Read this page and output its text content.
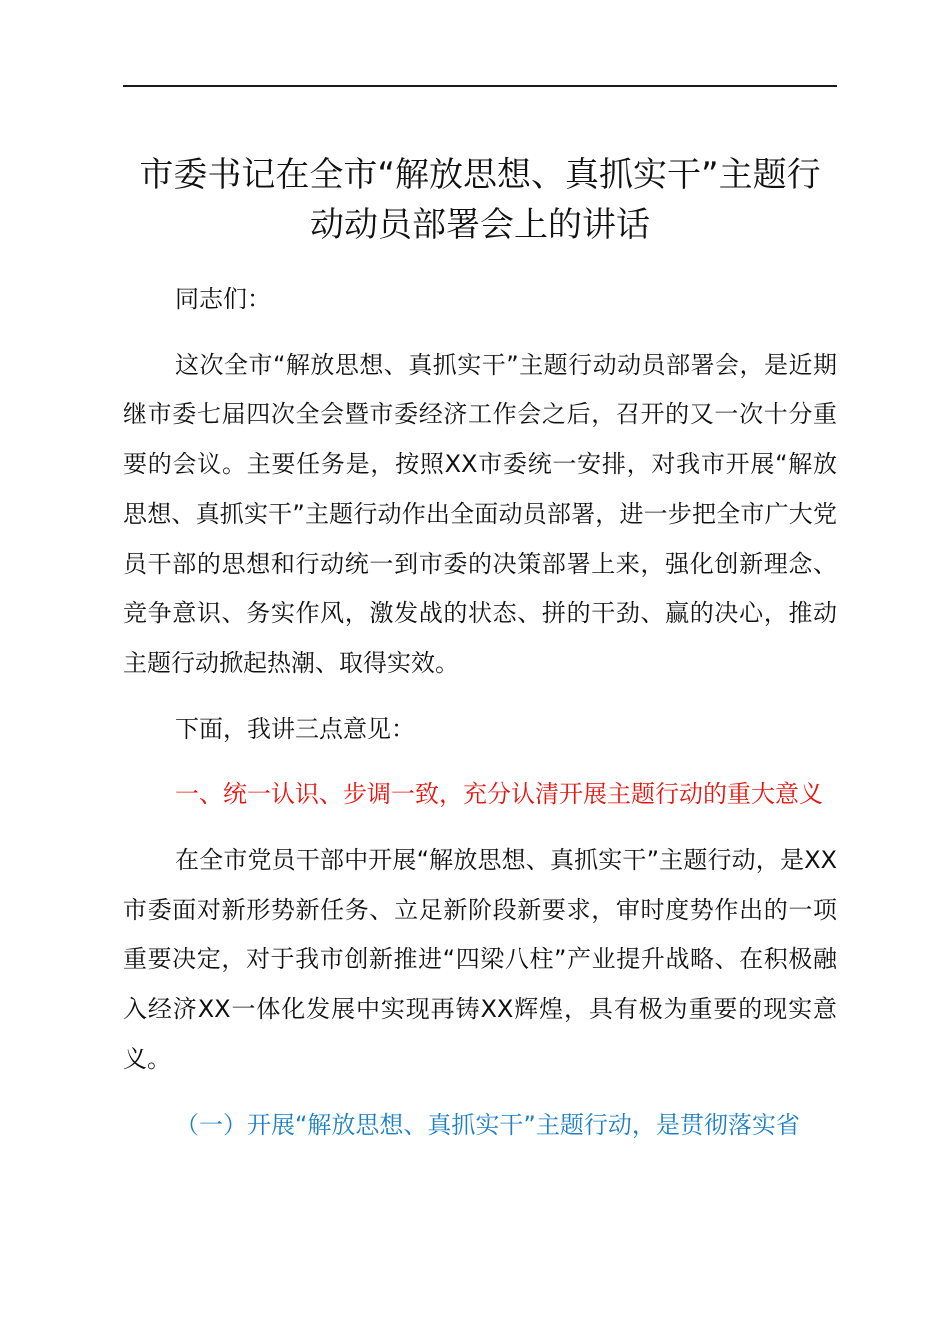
市委书记在全市“解放思想、真抓实干”主题行
动动员部署会上的讲话

同志们：

这次全市“解放思想、真抓实干”主题行动动员部署会，是近期继市委七届四次全会暨市委经济工作会之后，召开的又一次十分重要的会议。主要任务是，按照XX市委统一安排，对我市开展“解放思想、真抓实干”主题行动作出全面动员部署，进一步把全市广大党员干部的思想和行动统一到市委的决策部署上来，强化创新理念、竞争意识、务实作风，激发战的状态、拼的干劲、赢的决心，推动主题行动掀起热潮、取得实效。

下面，我讲三点意见：

一、统一认识、步调一致，充分认清开展主题行动的重大意义

在全市党员干部中开展“解放思想、真抓实干”主题行动，是XX市委面对新形势新任务、立足新阶段新要求，审时度势作出的一项重要决定，对于我市创新推进“四梁八柱”产业提升战略、在积极融入经济XX一体化发展中实现再铸XX辉煌，具有极为重要的现实意义。

（一）开展“解放思想、真抓实干”主题行动，是贯彻落实省
